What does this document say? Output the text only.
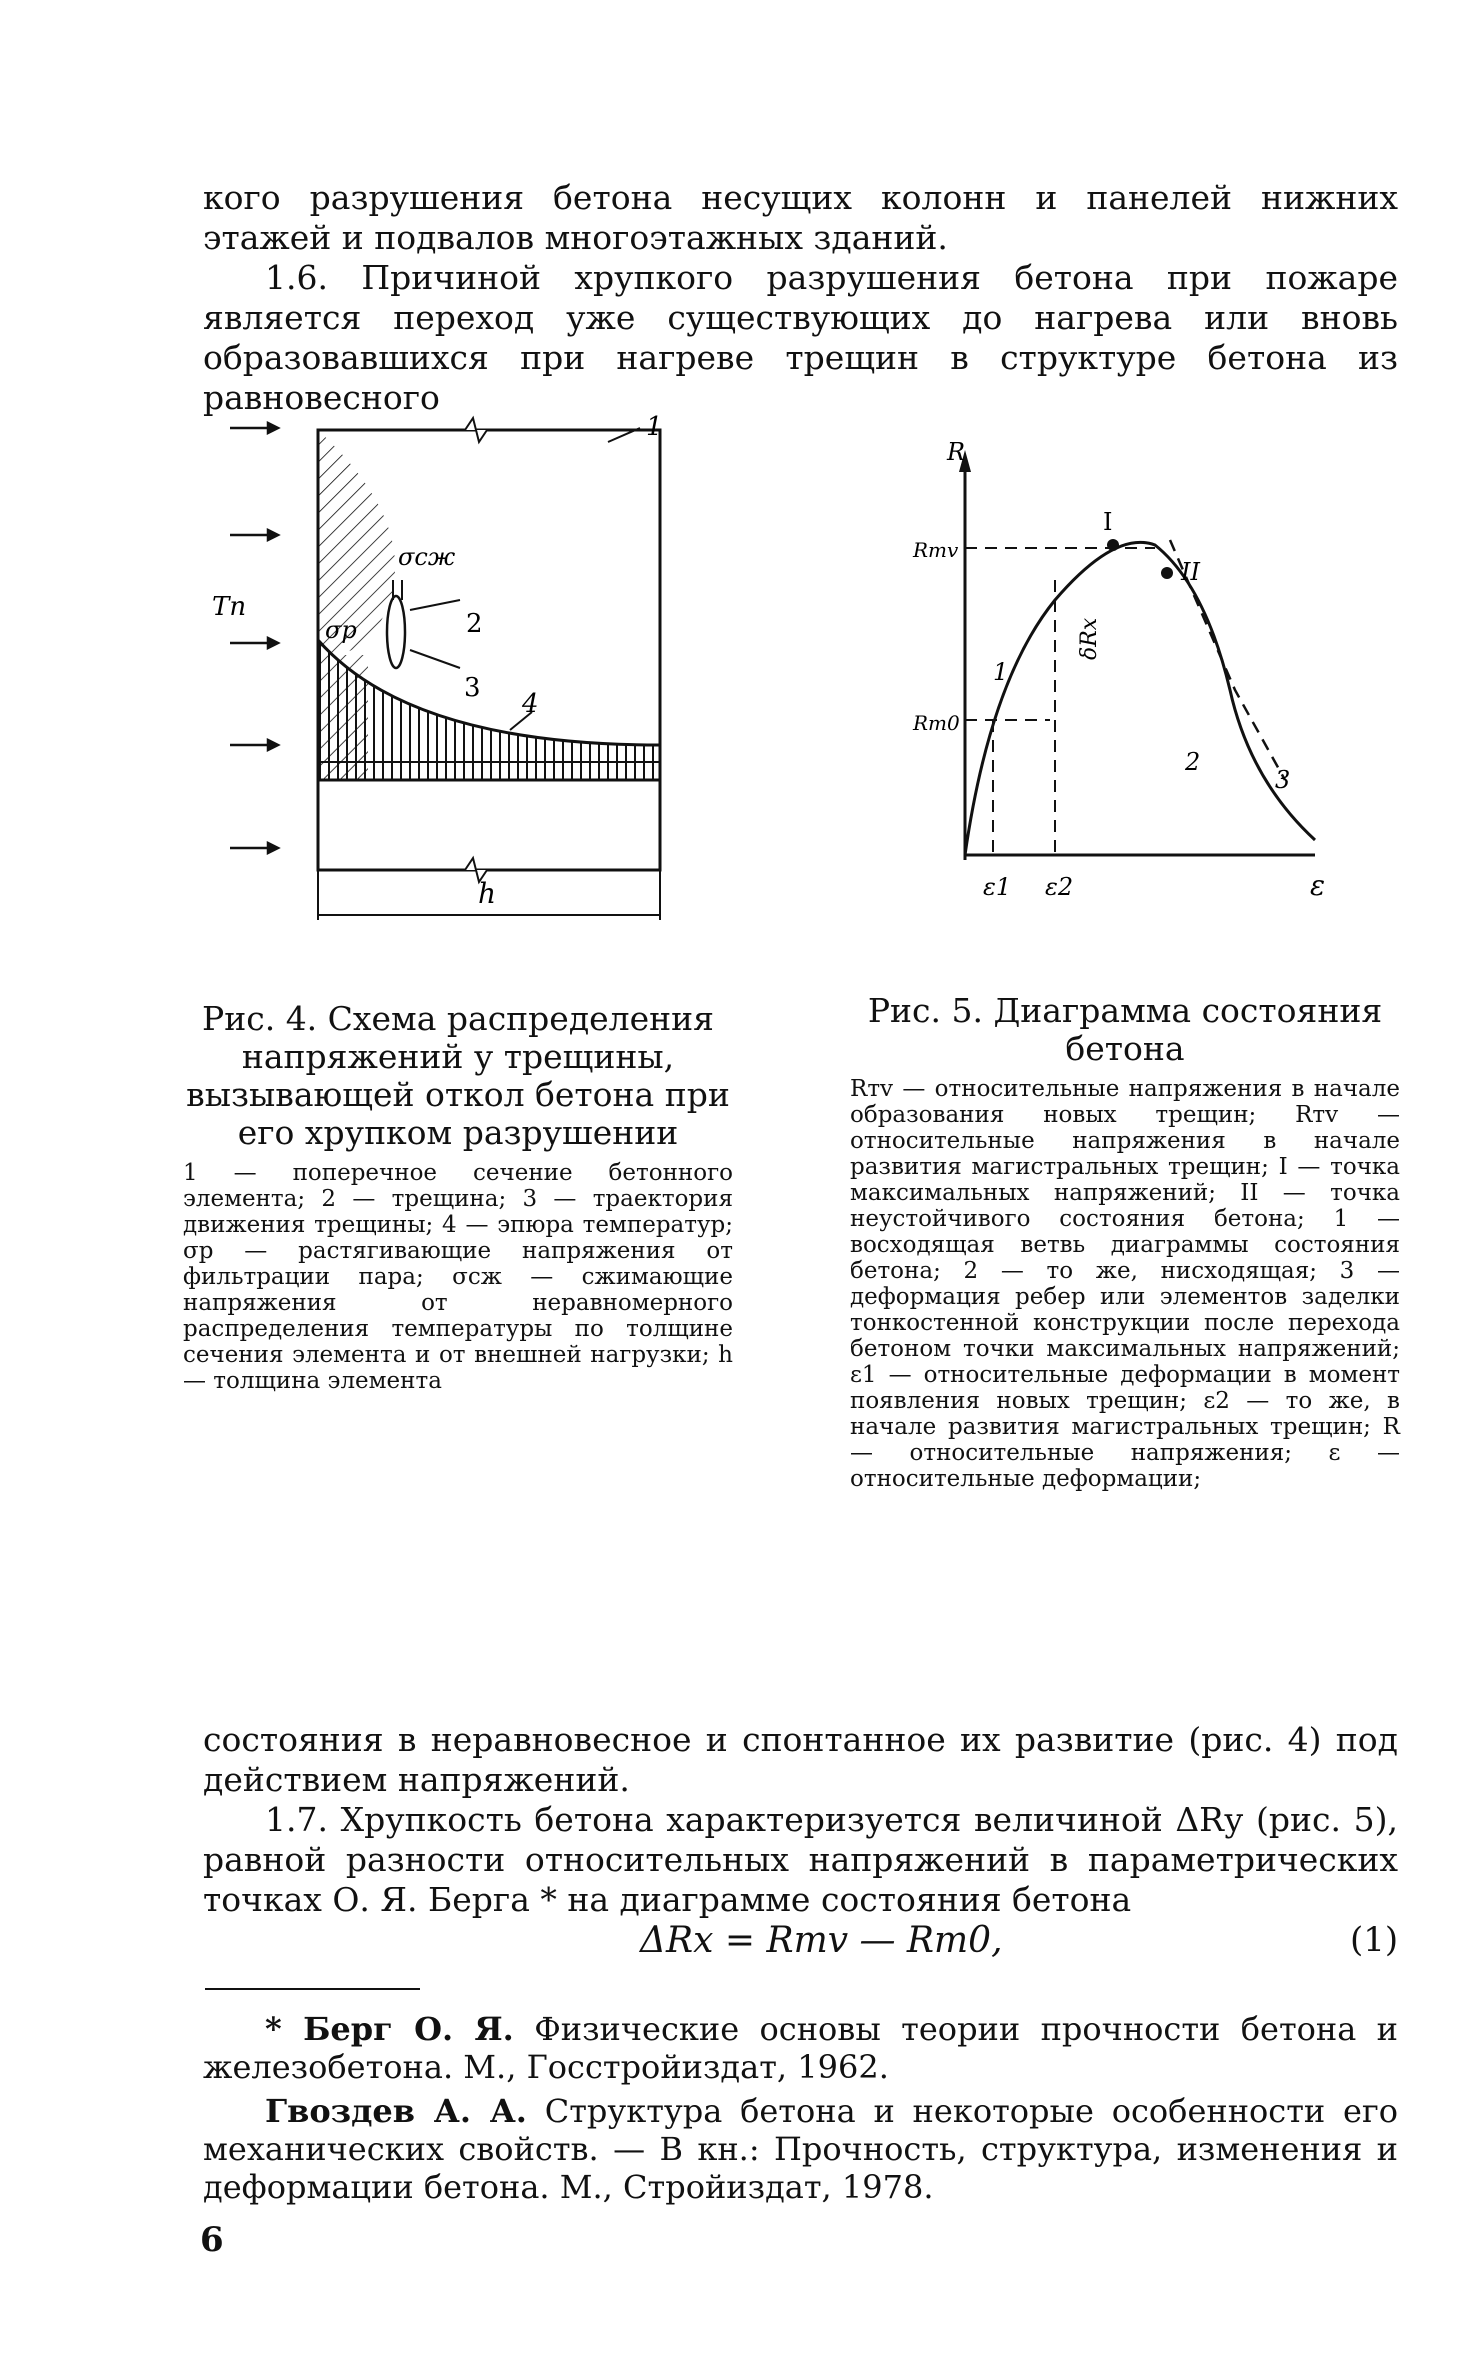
кого разрушения бетона несущих колонн и панелей нижних этажей и подвалов многоэтажных зданий.

1.6. Причиной хрупкого разрушения бетона при пожаре является переход уже существующих до нагрева или вновь образовавшихся при нагреве трещин в структуре бетона из равновесного

Тп
σсж
σр
1
2
3
4
h
R
ε
Rтv
Rт0
δRх
I
II
1
2
3
ε1 ε2

Рис. 4. Схема распределения напряжений у трещины, вызывающей откол бетона при его хрупком разрушении

1 — поперечное сечение бетонного элемента; 2 — трещина; 3 — траектория движения трещины; 4 — эпюра температур; σр — растягивающие напряжения от фильтрации пара; σсж — сжимающие напряжения от неравномерного распределения температуры по толщине сечения элемента и от внешней нагрузки; h — толщина элемента

Рис. 5. Диаграмма состояния бетона

Rтv — относительные напряжения в начале образования новых трещин; Rтv — относительные напряжения в начале развития магистральных трещин; I — точка максимальных напряжений; II — точка неустойчивого состояния бетона; 1 — восходящая ветвь диаграммы состояния бетона; 2 — то же, нисходящая; 3 — деформация ребер или элементов заделки тонкостенной конструкции после перехода бетоном точки максимальных напряжений; ε1 — относительные деформации в момент появления новых трещин; ε2 — то же, в начале развития магистральных трещин; R — относительные напряжения; ε — относительные деформации;

состояния в неравновесное и спонтанное их развитие (рис. 4) под действием напряжений.

1.7. Хрупкость бетона характеризуется величиной ΔRу (рис. 5), равной разности относительных напряжений в параметрических точках О. Я. Берга * на диаграмме состояния бетона

ΔRх = Rтv — Rт0,	(1)

* Берг О. Я. Физические основы теории прочности бетона и железобетона. М., Госстройиздат, 1962.

Гвоздев А. А. Структура бетона и некоторые особенности его механических свойств. — В кн.: Прочность, структура, изменения и деформации бетона. М., Стройиздат, 1978.

6
